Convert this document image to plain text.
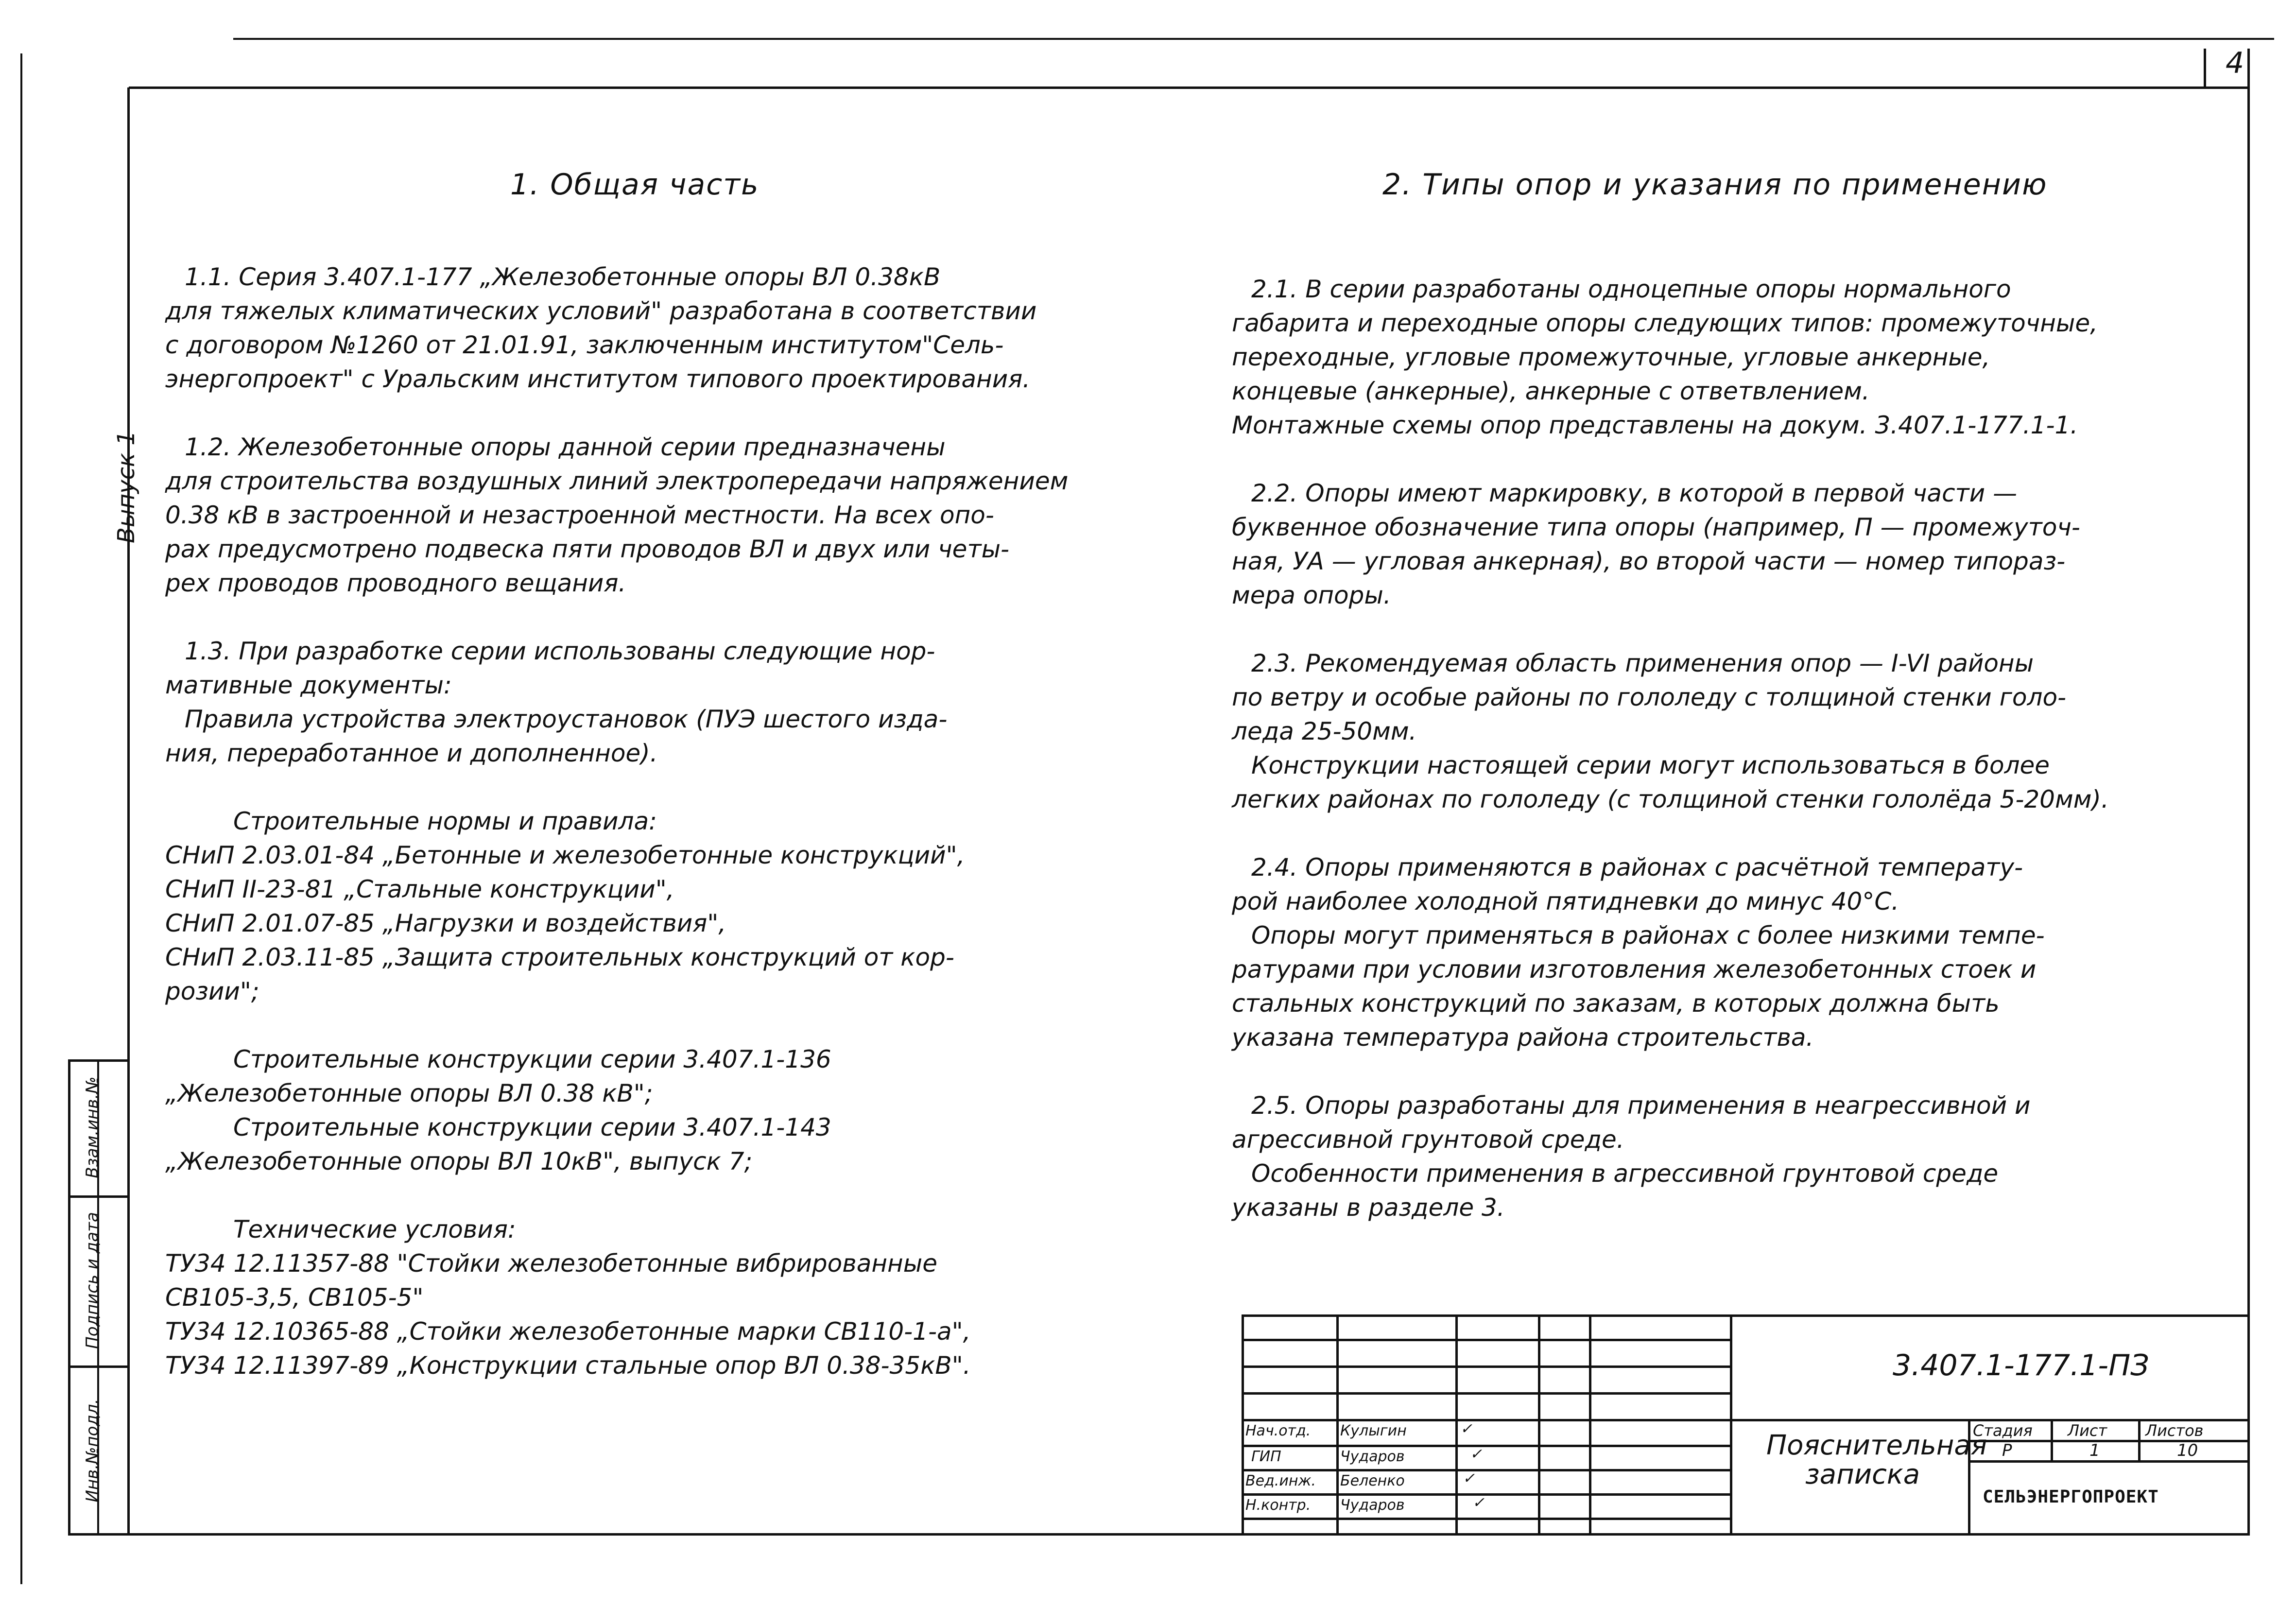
4
Выпуск 1
Инв.№подл.
Подпись и дата
Взам.инв.№
1. Общая часть
1.1. Серия 3.407.1-177 „Железобетонные опоры ВЛ 0.38кВ
для тяжелых климатических условий" разработана в соответствии
с договором №1260 от 21.01.91, заключенным институтом"Сель-
энергопроект" с Уральским институтом типового проектирования.
1.2. Железобетонные опоры данной серии предназначены
для строительства воздушных линий электропередачи напряжением
0.38 кВ в застроенной и незастроенной местности. На всех опо-
рах предусмотрено подвеска пяти проводов ВЛ и двух или четы-
рех проводов проводного вещания.
1.3. При разработке серии использованы следующие нор-
мативные документы:
Правила устройства электроустановок (ПУЭ шестого изда-
ния, переработанное и дополненное).
Строительные нормы и правила:
СНиП 2.03.01-84 „Бетонные и железобетонные конструкций",
СНиП II-23-81 „Стальные конструкции",
СНиП 2.01.07-85 „Нагрузки и воздействия",
СНиП 2.03.11-85 „Защита строительных конструкций от кор-
розии";
Строительные конструкции серии 3.407.1-136
„Железобетонные опоры ВЛ 0.38 кВ";
Строительные конструкции серии 3.407.1-143
„Железобетонные опоры ВЛ 10кВ", выпуск 7;
Технические условия:
ТУ34 12.11357-88 "Стойки железобетонные вибрированные
СВ105-3,5, СВ105-5"
ТУ34 12.10365-88 „Стойки железобетонные марки СВ110-1-а",
ТУ34 12.11397-89 „Конструкции стальные опор ВЛ 0.38-35кВ".
2. Типы опор и указания по применению
2.1. В серии разработаны одноцепные опоры нормального
габарита и переходные опоры следующих типов: промежуточные,
переходные, угловые промежуточные, угловые анкерные,
концевые (анкерные), анкерные с ответвлением.
Монтажные схемы опор представлены на докум. 3.407.1-177.1-1.
2.2. Опоры имеют маркировку, в которой в первой части —
буквенное обозначение типа опоры (например, П — промежуточ-
ная, УА — угловая анкерная), во второй части — номер типораз-
мера опоры.
2.3. Рекомендуемая область применения опор — I-VI районы
по ветру и особые районы по гололеду с толщиной стенки голо-
леда 25-50мм.
Конструкции настоящей серии могут использоваться в более
легких районах по гололеду (с толщиной стенки гололёда 5-20мм).
2.4. Опоры применяются в районах с расчётной температу-
рой наиболее холодной пятидневки до минус 40°С.
Опоры могут применяться в районах с более низкими темпе-
ратурами при условии изготовления железобетонных стоек и
стальных конструкций по заказам, в которых должна быть
указана температура района строительства.
2.5. Опоры разработаны для применения в неагрессивной и
агрессивной грунтовой среде.
Особенности применения в агрессивной грунтовой среде
указаны в разделе 3.
3.407.1-177.1-ПЗ
Нач.отд. Кулыгин	✓
ГИП	Чударов	✓
Вед.инж. Беленко	✓
Н.контр. Чударов	✓
Пояснительная
записка
Стадия Лист Листов
Р	1	10
СЕЛЬЭНЕРГОПРОЕКТ
